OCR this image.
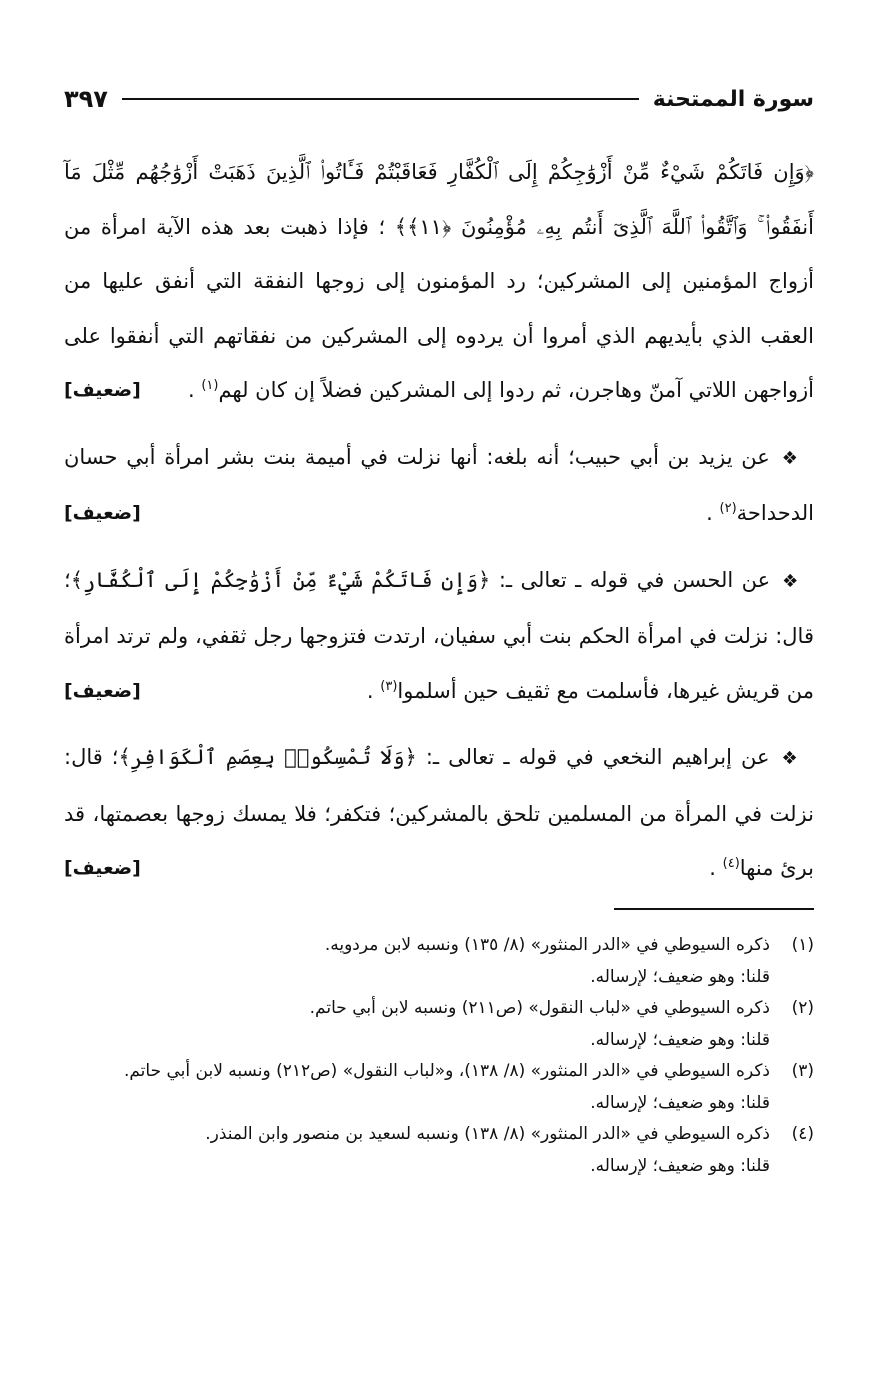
سورة الممتحنة
٣٩٧

﴿وَإِن فَاتَكُمْ شَيْءٌ مِّنْ أَزْوَٰجِكُمْ إِلَى ٱلْكُفَّارِ فَعَاقَبْتُمْ فَـَٔاتُوا۟ ٱلَّذِينَ ذَهَبَتْ أَزْوَٰجُهُم مِّثْلَ مَآ أَنفَقُوا۟ ۚ وَٱتَّقُوا۟ ٱللَّهَ ٱلَّذِىٓ أَنتُم بِهِۦ مُؤْمِنُونَ ﴿١١﴾﴾ ؛ فإذا ذهبت بعد هذه الآية امرأة من أزواج المؤمنين إلى المشركين؛ رد المؤمنون إلى زوجها النفقة التي أنفق عليها من العقب الذي بأيديهم الذي أمروا أن يردوه إلى المشركين من نفقاتهم التي أنفقوا على أزواجهن اللاتي آمنّ وهاجرن، ثم ردوا إلى المشركين فضلاً إن كان لهم$^{(١)}$ .
[ضعيف]

❖عن يزيد بن أبي حبيب؛ أنه بلغه: أنها نزلت في أميمة بنت بشر امرأة أبي حسان الدحداحة$^{(٢)}$ .
[ضعيف]

❖عن الحسن في قوله ـ تعالى ـ: ﴿وَإِن فَاتَكُمْ شَيْءٌ مِّنْ أَزْوَٰجِكُمْ إِلَى ٱلْكُفَّارِ﴾؛ قال: نزلت في امرأة الحكم بنت أبي سفيان، ارتدت فتزوجها رجل ثقفي، ولم ترتد امرأة من قريش غيرها، فأسلمت مع ثقيف حين أسلموا$^{(٣)}$ .
[ضعيف]

❖عن إبراهيم النخعي في قوله ـ تعالى ـ: ﴿وَلَا تُمْسِكُوا۟ بِعِصَمِ ٱلْكَوَافِرِ﴾؛ قال: نزلت في المرأة من المسلمين تلحق بالمشركين؛ فتكفر؛ فلا يمسك زوجها بعصمتها، قد برئ منها$^{(٤)}$ .
[ضعيف]

(١)
ذكره السيوطي في «الدر المنثور» (٨/ ١٣٥) ونسبه لابن مردويه.
قلنا: وهو ضعيف؛ لإرساله.
(٢)
ذكره السيوطي في «لباب النقول» (ص٢١١) ونسبه لابن أبي حاتم.
قلنا: وهو ضعيف؛ لإرساله.
(٣)
ذكره السيوطي في «الدر المنثور» (٨/ ١٣٨)، و«لباب النقول» (ص٢١٢) ونسبه لابن أبي حاتم.
قلنا: وهو ضعيف؛ لإرساله.
(٤)
ذكره السيوطي في «الدر المنثور» (٨/ ١٣٨) ونسبه لسعيد بن منصور وابن المنذر.
قلنا: وهو ضعيف؛ لإرساله.
